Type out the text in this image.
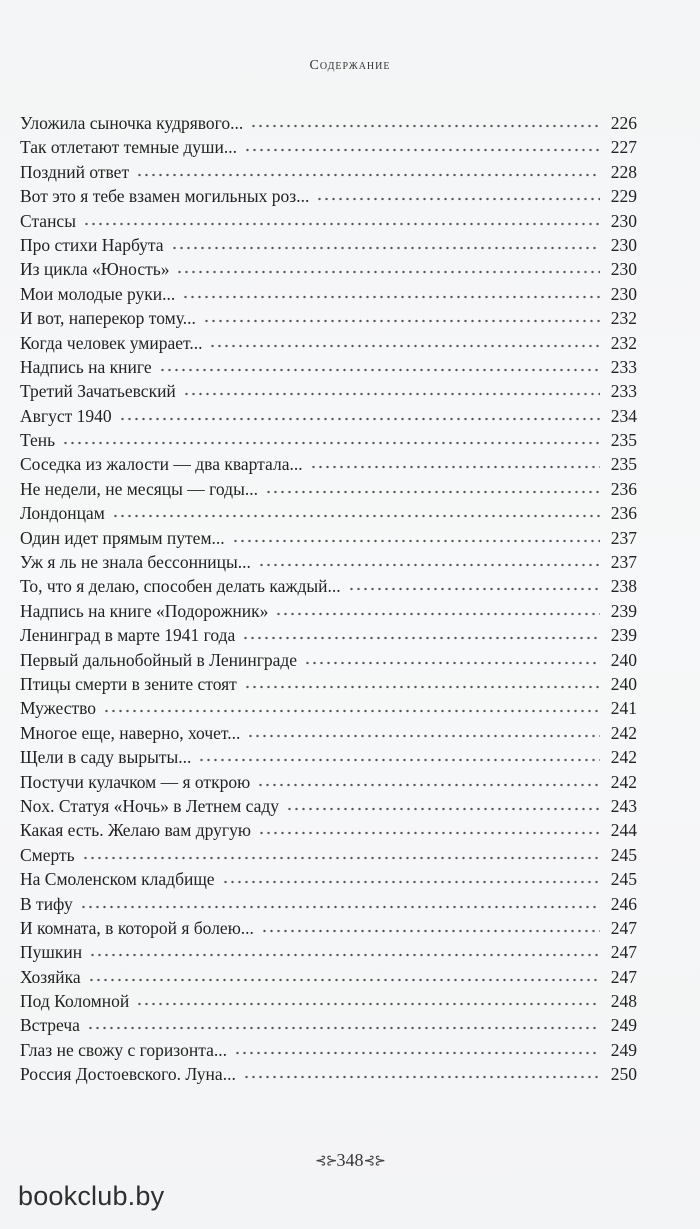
Содержание
Уложила сыночка кудрявого...	226
Так отлетают темные души...	227
Поздний ответ	228
Вот это я тебе взамен могильных роз...	229
Стансы	230
Про стихи Нарбута	230
Из цикла «Юность»	230
Мои молодые руки...	230
И вот, наперекор тому...	232
Когда человек умирает...	232
Надпись на книге	233
Третий Зачатьевский	233
Август 1940	234
Тень	235
Соседка из жалости — два квартала...	235
Не недели, не месяцы — годы...	236
Лондонцам	236
Один идет прямым путем...	237
Уж я ль не знала бессонницы...	237
То, что я делаю, способен делать каждый...	238
Надпись на книге «Подорожник»	239
Ленинград в марте 1941 года	239
Первый дальнобойный в Ленинграде	240
Птицы смерти в зените стоят	240
Мужество	241
Многое еще, наверно, хочет...	242
Щели в саду вырыты...	242
Постучи кулачком — я открою	242
Nox. Статуя «Ночь» в Летнем саду	243
Какая есть. Желаю вам другую	244
Смерть	245
На Смоленском кладбище	245
В тифу	246
И комната, в которой я болею...	247
Пушкин	247
Хозяйка	247
Под Коломной	248
Встреча	249
Глаз не свожу с горизонта...	249
Россия Достоевского. Луна...	250
⊰⊱348⊰⊱
bookclub.by
